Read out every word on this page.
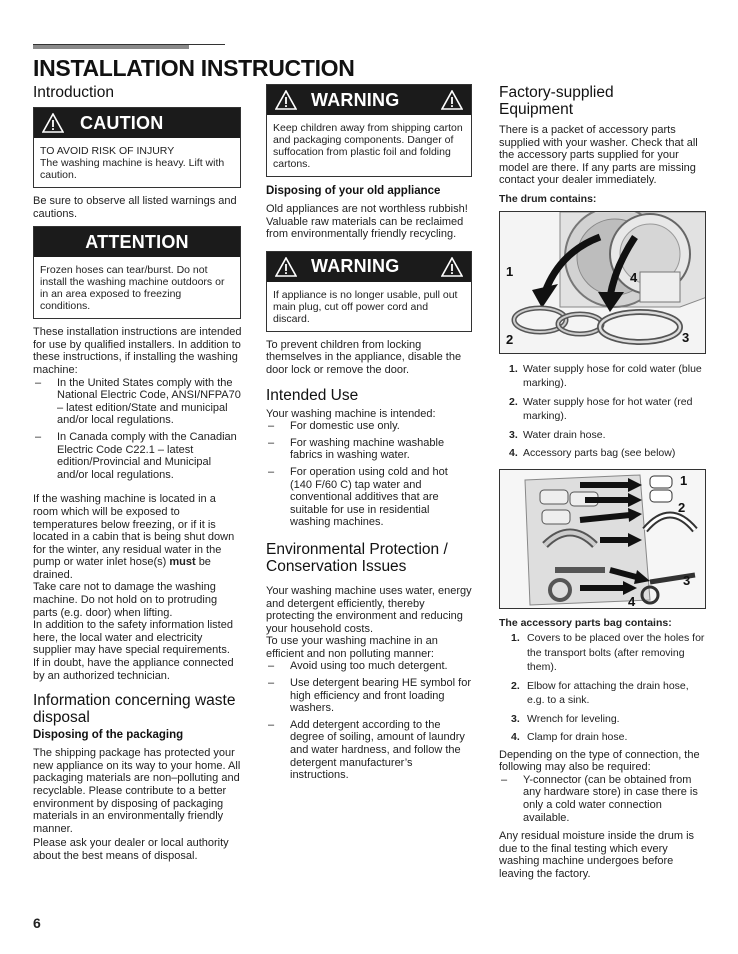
INSTALLATION INSTRUCTION
Introduction
CAUTION
TO AVOID RISK OF INJURY
The washing machine is heavy. Lift with caution.

Be sure to observe all listed warnings and cautions.

ATTENTION
Frozen hoses can tear/burst. Do not install the washing machine outdoors or in an area exposed to freezing conditions.

These installation instructions are intended for use by qualified installers. In addition to these instructions, if installing the washing machine:

– In the United States comply with the National Electric Code, ANSI/NFPA70 – latest edition/State and municipal and/or local regulations.
– In Canada comply with the Canadian Electric Code C22.1 – latest edition/Provincial and Municipal and/or local regulations.

If the washing machine is located in a room which will be exposed to temperatures below freezing, or if it is located in a cabin that is being shut down for the winter, any residual water in the pump or water inlet hose(s) must be drained.

Take care not to damage the washing machine. Do not hold on to protruding parts (e.g. door) when lifting.

In addition to the safety information listed here, the local water and electricity supplier may have special requirements.

If in doubt, have the appliance connected by an authorized technician.

Information concerning waste disposal
Disposing of the packaging

The shipping package has protected your new appliance on its way to your home. All packaging materials are non–polluting and recyclable. Please contribute to a better environment by disposing of packaging materials in an environmentally friendly manner.

Please ask your dealer or local authority about the best means of disposal.

WARNING
Keep children away from shipping carton and packaging components. Danger of suffocation from plastic foil and folding cartons.
Disposing of your old appliance

Old appliances are not worthless rubbish! Valuable raw materials can be reclaimed from environmentally friendly recycling.

WARNING
If appliance is no longer usable, pull out main plug, cut off power cord and discard.

To prevent children from locking themselves in the appliance, disable the door lock or remove the door.

Intended Use

Your washing machine is intended:

– For domestic use only.
– For washing machine washable fabrics in washing water.
– For operation using cold and hot (140 F/60 C) tap water and conventional additives that are suitable for use in residential washing machines.
Environmental Protection / Conservation Issues

Your washing machine uses water, energy and detergent efficiently, thereby protecting the environment and reducing your household costs.

To use your washing machine in an efficient and non polluting manner:

– Avoid using too much detergent.
– Use detergent bearing HE symbol for high efficiency and front loading washers.
– Add detergent according to the degree of soiling, amount of laundry and water hardness, and follow the detergent manufacturer’s instructions.
Factory-supplied Equipment

There is a packet of accessory parts supplied with your washer. Check that all the accessory parts supplied for your model are there. If any parts are missing contact your dealer immediately.

The drum contains:
1
2	3
4
1. Water supply hose for cold water (blue marking).
2. Water supply hose for hot water (red marking).
3. Water drain hose.
4. Accessory parts bag (see below)
1
2
3
4
The accessory parts bag contains:
1. Covers to be placed over the holes for the transport bolts (after removing them).
2. Elbow for attaching the drain hose, e.g. to a sink.
3. Wrench for leveling.
4. Clamp for drain hose.

Depending on the type of connection, the following may also be required:

– Y-connector (can be obtained from any hardware store) in case there is only a cold water connection available.

Any residual moisture inside the drum is due to the final testing which every washing machine undergoes before leaving the factory.

6
